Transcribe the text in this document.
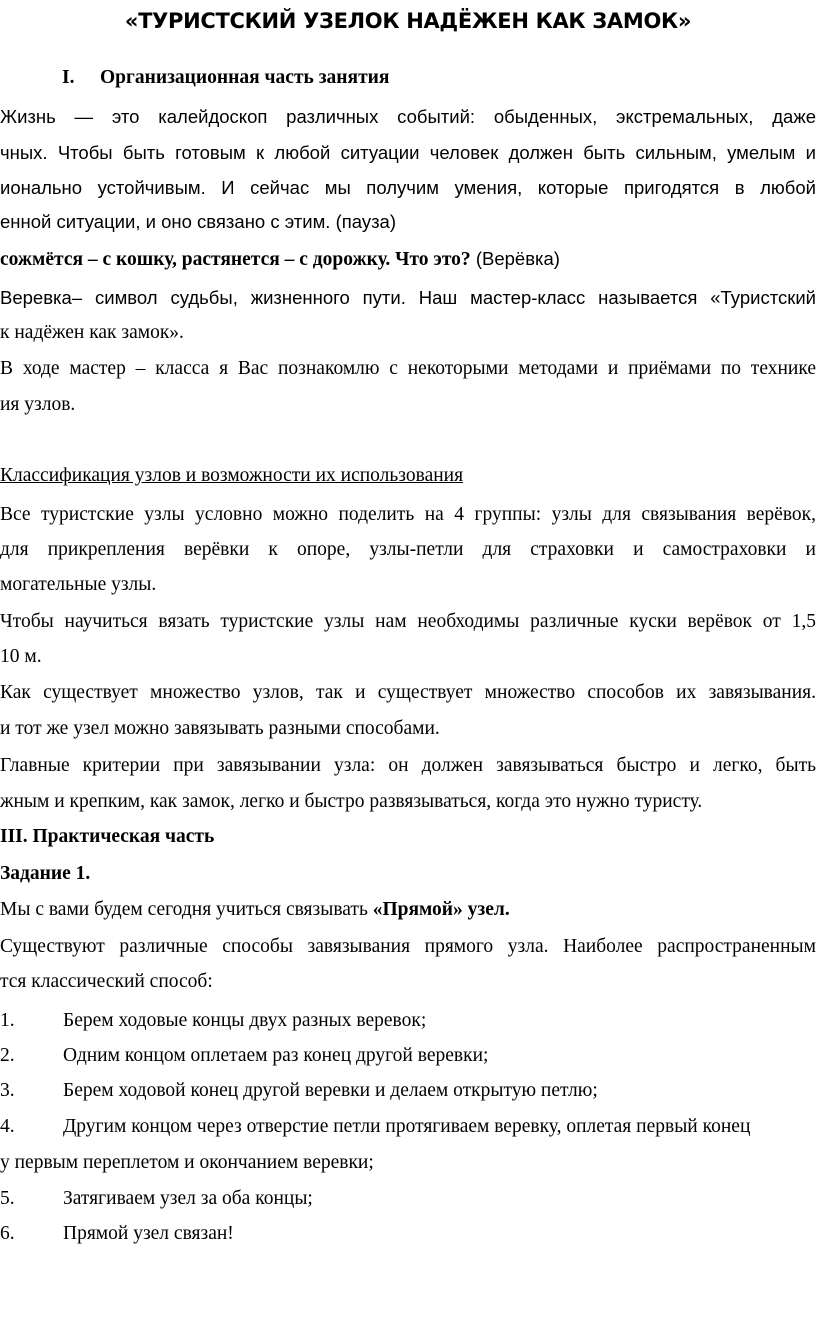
«ТУРИСТСКИЙ УЗЕЛОК НАДЁЖЕН КАК ЗАМОК»
I. Организационная часть занятия
Жизнь — это калейдоскоп различных событий: обыденных, экстремальных, даже
чных. Чтобы быть готовым к любой ситуации человек должен быть сильным, умелым и
ионально устойчивым. И сейчас мы получим умения, которые пригодятся в любой
енной ситуации, и оно связано с этим. (пауза)
сожмётся – с кошку, растянется – с дорожку. Что это? (Верёвка)
Веревка– символ судьбы, жизненного пути. Наш мастер-класс называется «Туристский
к надёжен как замок».
В ходе мастер – класса я Вас познакомлю с некоторыми методами и приёмами по технике
ия узлов.
Классификация узлов и возможности их использования
Все туристские узлы условно можно поделить на 4 группы: узлы для связывания верёвок,
для прикрепления верёвки к опоре, узлы-петли для страховки и самостраховки и
могательные узлы.
Чтобы научиться вязать туристские узлы нам необходимы различные куски верёвок от 1,5
10 м.
Как существует множество узлов, так и существует множество способов их завязывания.
и тот же узел можно завязывать разными способами.
Главные критерии при завязывании узла: он должен завязываться быстро и легко, быть
жным и крепким, как замок, легко и быстро развязываться, когда это нужно туристу.
III. Практическая часть
Задание 1.
Мы с вами будем сегодня учиться связывать «Прямой» узел.
Существуют различные способы завязывания прямого узла. Наиболее распространенным
тся классический способ:
1. Берем ходовые концы двух разных веревок;
2. Одним концом оплетаем раз конец другой веревки;
3. Берем ходовой конец другой веревки и делаем открытую петлю;
4. Другим концом через отверстие петли протягиваем веревку, оплетая первый конец
у первым переплетом и окончанием веревки;
5. Затягиваем узел за оба концы;
6. Прямой узел связан!
